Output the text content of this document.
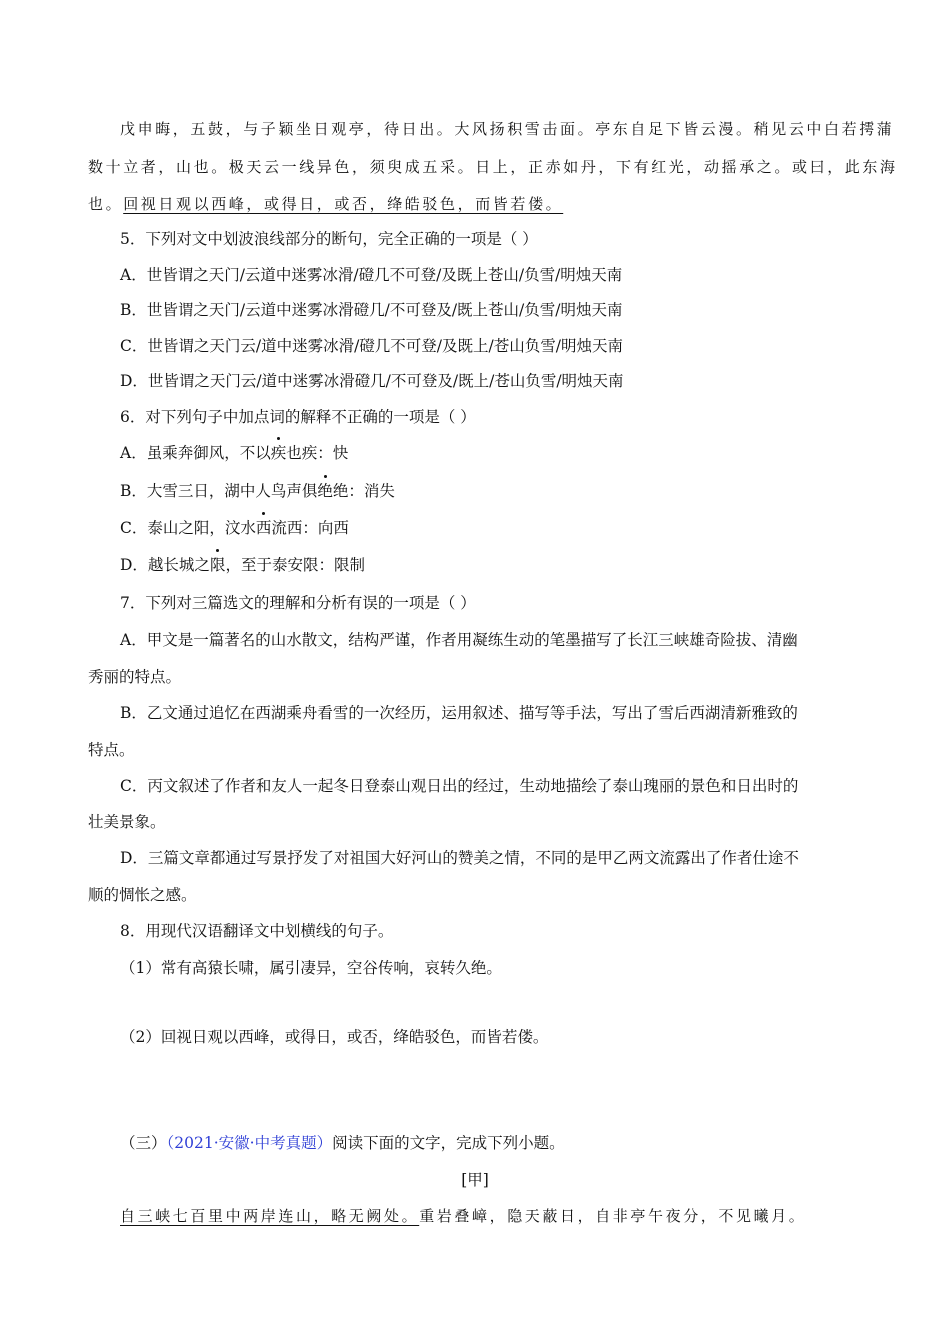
戊申晦，五鼓，与子颖坐日观亭，待日出。大风扬积雪击面。亭东自足下皆云漫。稍见云中白若摴蒲
数十立者，山也。极天云一线异色，须臾成五采。日上，正赤如丹，下有红光，动摇承之。或曰，此东海
也。回视日观以西峰，或得日，或否，绛皓驳色，而皆若偻。
5．下列对文中划波浪线部分的断句，完全正确的一项是（ ）
A．世皆谓之天门/云道中迷雾冰滑/磴几不可登/及既上苍山/负雪/明烛天南
B．世皆谓之天门/云道中迷雾冰滑磴几/不可登及/既上苍山/负雪/明烛天南
C．世皆谓之天门云/道中迷雾冰滑/磴几不可登/及既上/苍山负雪/明烛天南
D．世皆谓之天门云/道中迷雾冰滑磴几/不可登及/既上/苍山负雪/明烛天南
6．对下列句子中加点词的解释不正确的一项是（ ）
A．虽乘奔御风，不以疾也疾：快
B．大雪三日，湖中人鸟声俱绝绝：消失
C．泰山之阳，汶水西流西：向西
D．越长城之限，至于泰安限：限制
7．下列对三篇选文的理解和分析有误的一项是（ ）
A．甲文是一篇著名的山水散文，结构严谨，作者用凝练生动的笔墨描写了长江三峡雄奇险拔、清幽
秀丽的特点。
B．乙文通过追忆在西湖乘舟看雪的一次经历，运用叙述、描写等手法，写出了雪后西湖清新雅致的
特点。
C．丙文叙述了作者和友人一起冬日登泰山观日出的经过，生动地描绘了泰山瑰丽的景色和日出时的
壮美景象。
D．三篇文章都通过写景抒发了对祖国大好河山的赞美之情，不同的是甲乙两文流露出了作者仕途不
顺的惆怅之感。
8．用现代汉语翻译文中划横线的句子。
（1）常有高猿长啸，属引凄异，空谷传响，哀转久绝。
（2）回视日观以西峰，或得日，或否，绛皓驳色，而皆若偻。
（三）（2021·安徽·中考真题）阅读下面的文字，完成下列小题。
[甲]
自三峡七百里中两岸连山，略无阙处。重岩叠嶂，隐天蔽日，自非亭午夜分，不见曦月。
